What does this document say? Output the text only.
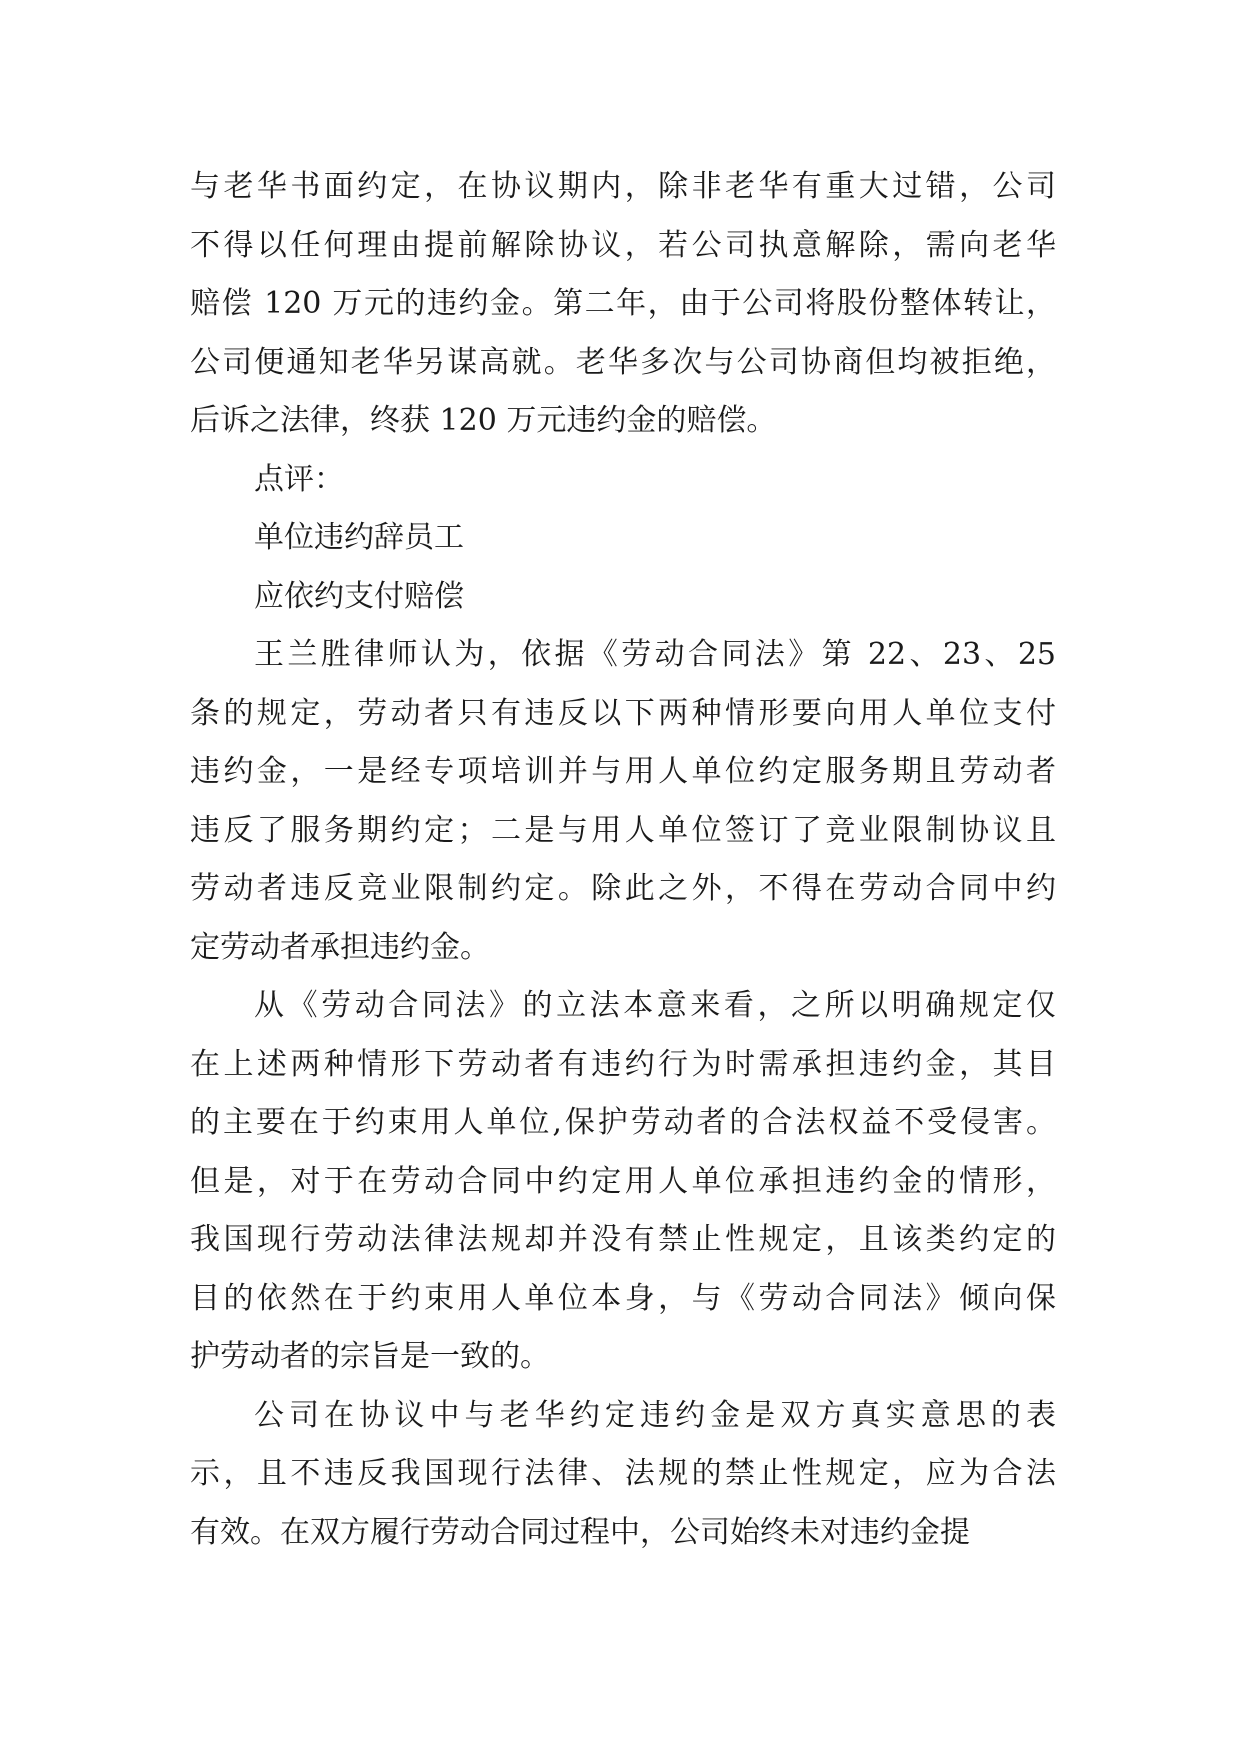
与老华书面约定，在协议期内，除非老华有重大过错，公司
不得以任何理由提前解除协议，若公司执意解除，需向老华
赔偿 120 万元的违约金。第二年，由于公司将股份整体转让，
公司便通知老华另谋高就。老华多次与公司协商但均被拒绝，
后诉之法律，终获 120 万元违约金的赔偿。
点评：
单位违约辞员工
应依约支付赔偿
王兰胜律师认为，依据《劳动合同法》第 22、23、25
条的规定，劳动者只有违反以下两种情形要向用人单位支付
违约金，一是经专项培训并与用人单位约定服务期且劳动者
违反了服务期约定；二是与用人单位签订了竞业限制协议且
劳动者违反竞业限制约定。除此之外，不得在劳动合同中约
定劳动者承担违约金。
从《劳动合同法》的立法本意来看，之所以明确规定仅
在上述两种情形下劳动者有违约行为时需承担违约金，其目
的主要在于约束用人单位,保护劳动者的合法权益不受侵害。
但是，对于在劳动合同中约定用人单位承担违约金的情形，
我国现行劳动法律法规却并没有禁止性规定，且该类约定的
目的依然在于约束用人单位本身，与《劳动合同法》倾向保
护劳动者的宗旨是一致的。
公司在协议中与老华约定违约金是双方真实意思的表
示，且不违反我国现行法律、法规的禁止性规定，应为合法
有效。在双方履行劳动合同过程中，公司始终未对违约金提
